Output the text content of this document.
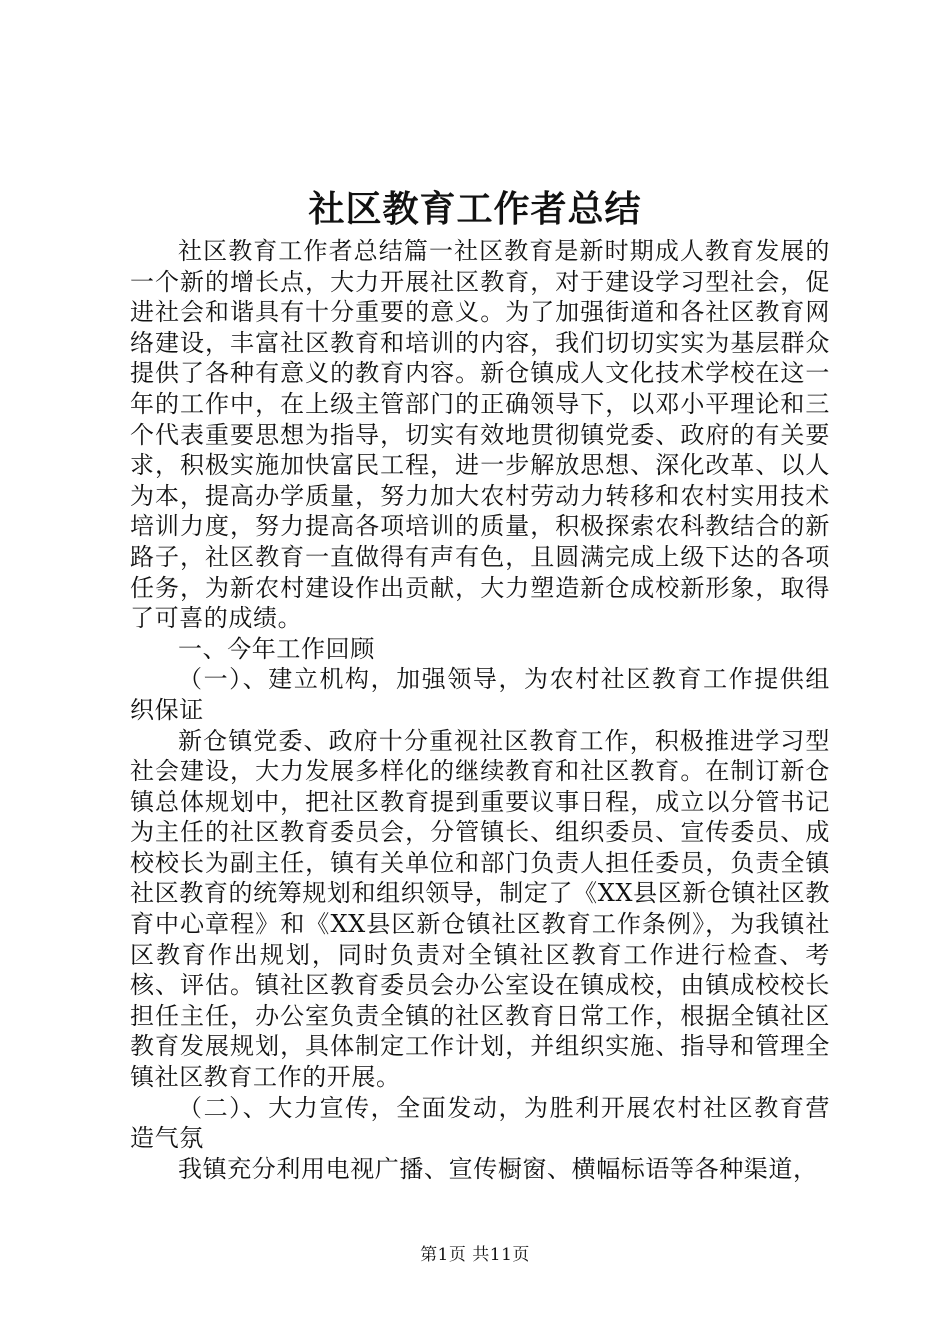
社区教育工作者总结

社区教育工作者总结篇一社区教育是新时期成人教育发展的一个新的增长点，大力开展社区教育，对于建设学习型社会，促进社会和谐具有十分重要的意义。为了加强街道和各社区教育网络建设，丰富社区教育和培训的内容，我们切切实实为基层群众提供了各种有意义的教育内容。新仓镇成人文化技术学校在这一年的工作中，在上级主管部门的正确领导下，以邓小平理论和三个代表重要思想为指导，切实有效地贯彻镇党委、政府的有关要求，积极实施加快富民工程，进一步解放思想、深化改革、以人为本，提高办学质量，努力加大农村劳动力转移和农村实用技术培训力度，努力提高各项培训的质量，积极探索农科教结合的新路子，社区教育一直做得有声有色，且圆满完成上级下达的各项任务，为新农村建设作出贡献，大力塑造新仓成校新形象，取得了可喜的成绩。

一、今年工作回顾

（一）、建立机构，加强领导，为农村社区教育工作提供组织保证

新仓镇党委、政府十分重视社区教育工作，积极推进学习型社会建设，大力发展多样化的继续教育和社区教育。在制订新仓镇总体规划中，把社区教育提到重要议事日程，成立以分管书记为主任的社区教育委员会，分管镇长、组织委员、宣传委员、成校校长为副主任，镇有关单位和部门负责人担任委员，负责全镇社区教育的统筹规划和组织领导，制定了《XX县区新仓镇社区教育中心章程》和《XX县区新仓镇社区教育工作条例》，为我镇社区教育作出规划，同时负责对全镇社区教育工作进行检查、考核、评估。镇社区教育委员会办公室设在镇成校，由镇成校校长担任主任，办公室负责全镇的社区教育日常工作，根据全镇社区教育发展规划，具体制定工作计划，并组织实施、指导和管理全镇社区教育工作的开展。

（二）、大力宣传，全面发动，为胜利开展农村社区教育营造气氛

我镇充分利用电视广播、宣传橱窗、横幅标语等各种渠道，

第1页 共11页
